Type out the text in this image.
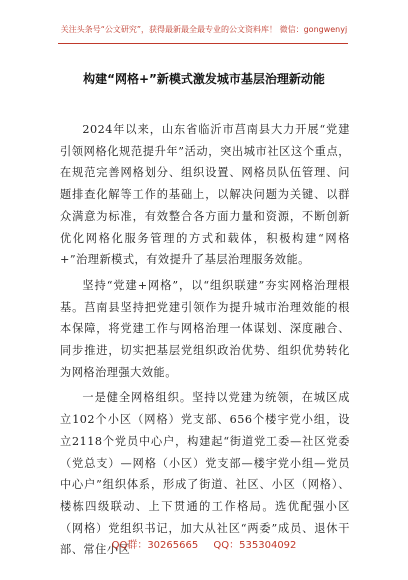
关注头条号“公文研究”，获得最新最全最专业的公文资料库！ 微信：gongwenyj
构建“网格+”新模式激发城市基层治理新动能

2024年以来，山东省临沂市莒南县大力开展“党建引领网格化规范提升年”活动，突出城市社区这个重点，在规范完善网格划分、组织设置、网格员队伍管理、问题排查化解等工作的基础上，以解决问题为关键、以群众满意为标准，有效整合各方面力量和资源，不断创新优化网格化服务管理的方式和载体，积极构建“网格+”治理新模式，有效提升了基层治理服务效能。

坚持“党建+网格”，以“组织联建”夯实网格治理根基。莒南县坚持把党建引领作为提升城市治理效能的根本保障，将党建工作与网格治理一体谋划、深度融合、同步推进，切实把基层党组织政治优势、组织优势转化为网格治理强大效能。

一是健全网格组织。坚持以党建为统领，在城区成立102个小区（网格）党支部、656个楼宇党小组，设立2118个党员中心户，构建起“街道党工委—社区党委（党总支）—网格（小区）党支部—楼宇党小组—党员中心户”组织体系，形成了街道、社区、小区（网格）、楼栋四级联动、上下贯通的工作格局。选优配强小区（网格）党组织书记，加大从社区“两委”成员、退休干部、常住小区

QQ群：30265665 QQ：535304092
